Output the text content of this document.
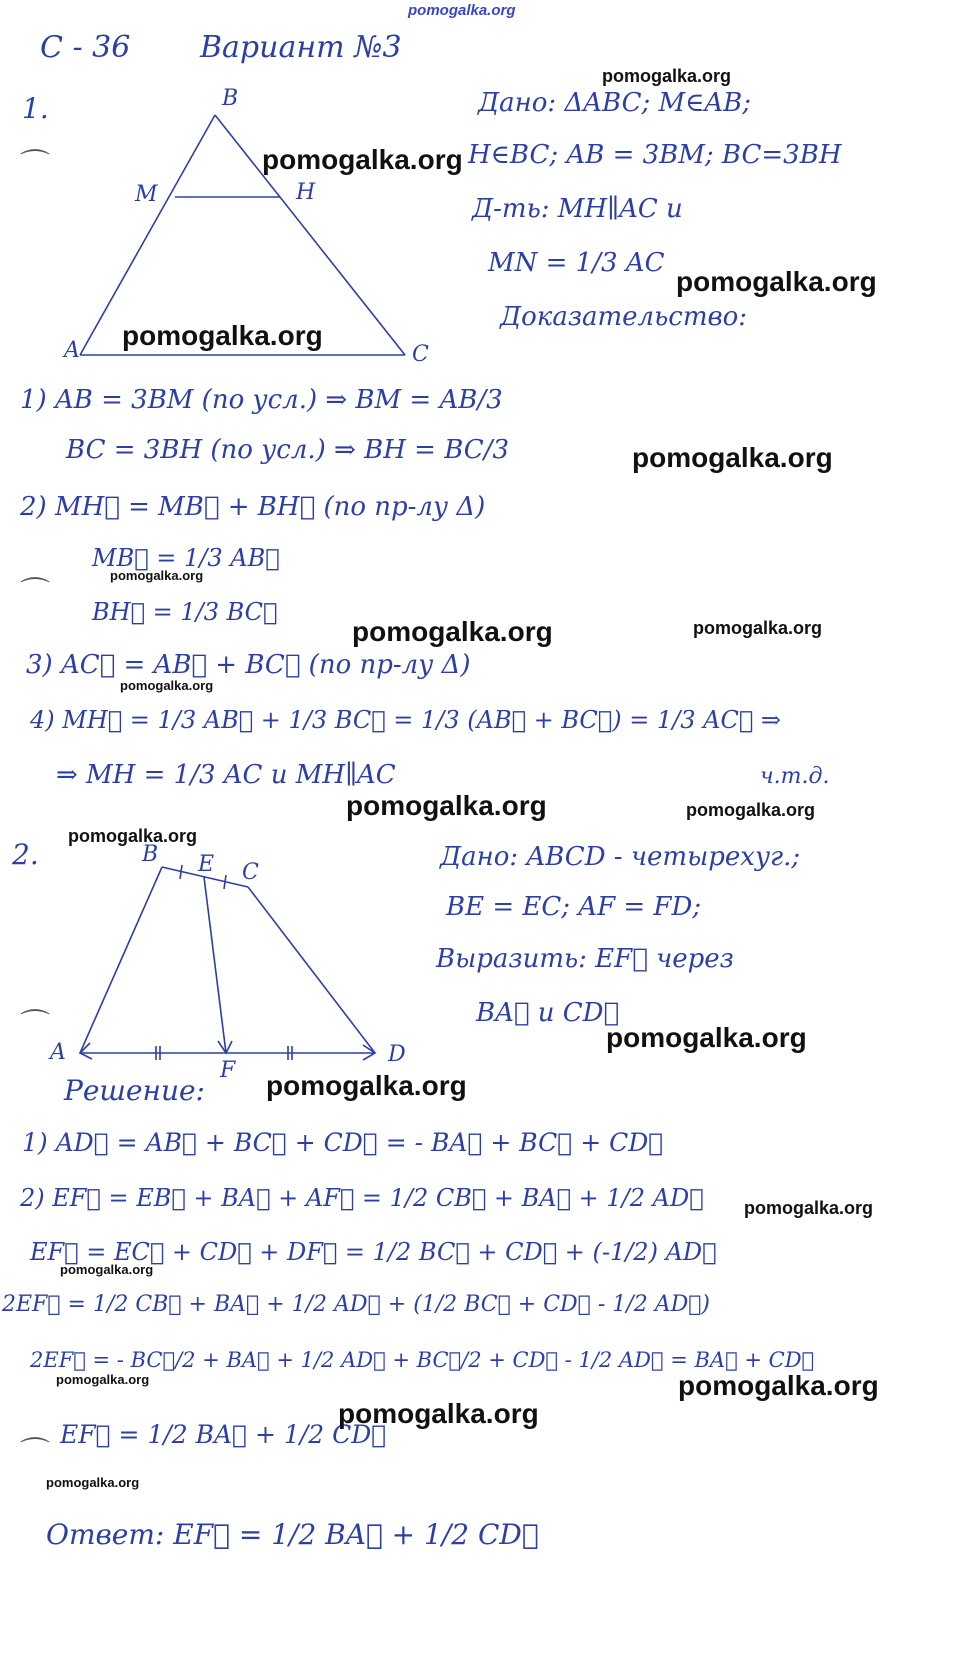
pomogalka.org
С - 36 Вариант №3
1.	B
M	H
A	C
Дано: ΔABC; M∈AB;
H∈BC; AB = 3BM; BC=3BH
Д-ть: MH∥AC и
MN = 1/3 AC
Доказательство:
1) AB = 3BM (по усл.) ⇒ BM = AB/3
BC = 3BH (по усл.) ⇒ BH = BC/3
2) MH⃗ = MB⃗ + BH⃗ (по пр-лу Δ)
MB⃗ = 1/3 AB⃗
BH⃗ = 1/3 BC⃗
3) AC⃗ = AB⃗ + BC⃗ (по пр-лу Δ)
4) MH⃗ = 1/3 AB⃗ + 1/3 BC⃗ = 1/3 (AB⃗ + BC⃗) = 1/3 AC⃗ ⇒
⇒ MH = 1/3 AC и MH∥AC	ч.т.д.
2.	B E C
A
F
D
Дано: ABCD - четырехуг.;
BE = EC; AF = FD;
Выразить: EF⃗ через
BA⃗ и CD⃗
Решение:
1) AD⃗ = AB⃗ + BC⃗ + CD⃗ = - BA⃗ + BC⃗ + CD⃗
2) EF⃗ = EB⃗ + BA⃗ + AF⃗ = 1/2 CB⃗ + BA⃗ + 1/2 AD⃗
EF⃗ = EC⃗ + CD⃗ + DF⃗ = 1/2 BC⃗ + CD⃗ + (-1/2) AD⃗
2EF⃗ = 1/2 CB⃗ + BA⃗ + 1/2 AD⃗ + (1/2 BC⃗ + CD⃗ - 1/2 AD⃗)
2EF⃗ = - BC⃗/2 + BA⃗ + 1/2 AD⃗ + BC⃗/2 + CD⃗ - 1/2 AD⃗ = BA⃗ + CD⃗
EF⃗ = 1/2 BA⃗ + 1/2 CD⃗
Ответ: EF⃗ = 1/2 BA⃗ + 1/2 CD⃗
⌒
⌒
⌒
⌒
pomogalka.org
pomogalka.org
pomogalka.org
pomogalka.org
pomogalka.org
pomogalka.org
pomogalka.org	pomogalka.org
pomogalka.org
pomogalka.org	pomogalka.org
pomogalka.org
pomogalka.org
pomogalka.org
pomogalka.org
pomogalka.org
pomogalka.org	pomogalka.org
pomogalka.org
pomogalka.org
